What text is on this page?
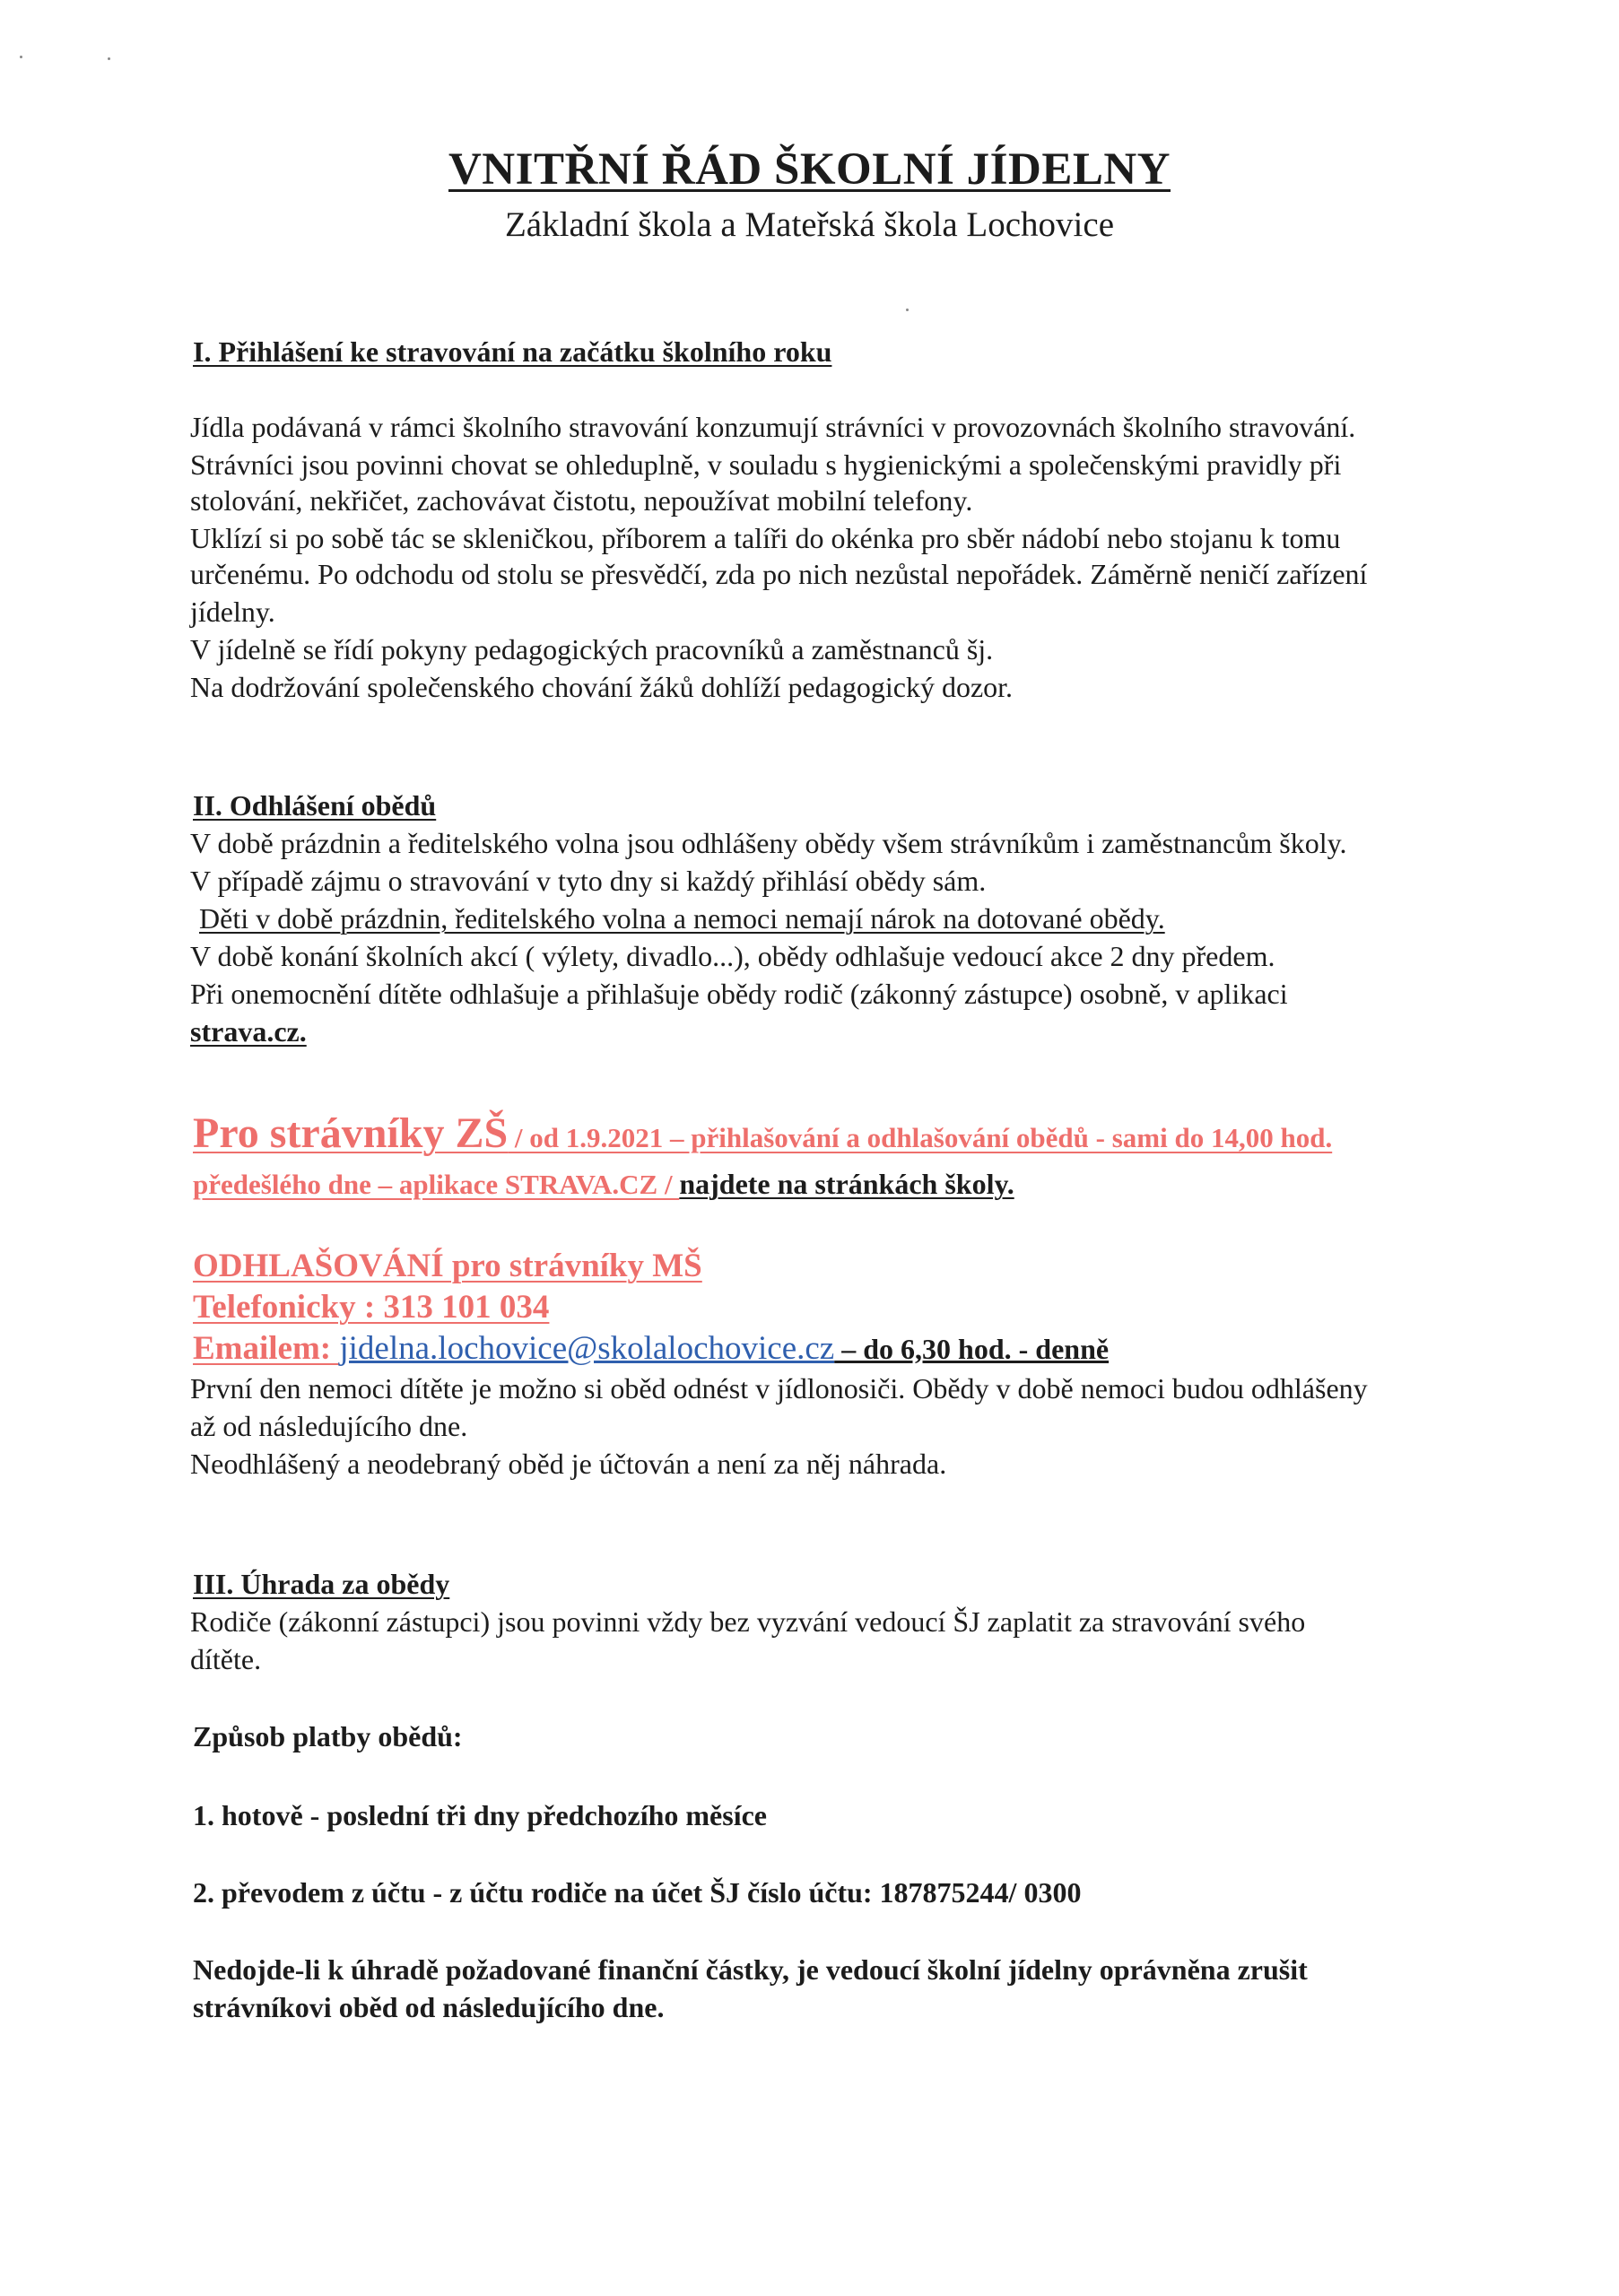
VNITŘNÍ ŘÁD ŠKOLNÍ JÍDELNY
Základní škola a Mateřská škola Lochovice
I. Přihlášení ke stravování na začátku školního roku
Jídla podávaná v rámci školního stravování konzumují strávníci v provozovnách školního stravování.
Strávníci jsou povinni chovat se ohleduplně, v souladu s hygienickými a společenskými pravidly při
stolování, nekřičet, zachovávat čistotu, nepoužívat mobilní telefony.
Uklízí si po sobě tác se skleničkou, příborem a talíři do okénka pro sběr nádobí nebo stojanu k tomu
určenému. Po odchodu od stolu se přesvědčí, zda po nich nezůstal nepořádek. Záměrně neničí zařízení
jídelny.
V jídelně se řídí pokyny pedagogických pracovníků a zaměstnanců šj.
Na dodržování společenského chování žáků dohlíží pedagogický dozor.
II. Odhlášení obědů
V době prázdnin a ředitelského volna jsou odhlášeny obědy všem strávníkům i zaměstnancům školy.
V případě zájmu o stravování v tyto dny si každý přihlásí obědy sám.
Děti v době prázdnin, ředitelského volna a nemoci nemají nárok na dotované obědy.
V době konání školních akcí ( výlety, divadlo...), obědy odhlašuje vedoucí akce 2 dny předem.
Při onemocnění dítěte odhlašuje a přihlašuje obědy rodič (zákonný zástupce) osobně, v aplikaci
strava.cz.
Pro strávníky ZŠ / od 1.9.2021 – přihlašování a odhlašování obědů - sami do 14,00 hod.
předešlého dne – aplikace STRAVA.CZ / najdete na stránkách školy.
ODHLAŠOVÁNÍ pro strávníky MŠ
Telefonicky : 313 101 034
Emailem: jidelna.lochovice@skolalochovice.cz – do 6,30 hod. - denně
První den nemoci dítěte je možno si oběd odnést v jídlonosiči. Obědy v době nemoci budou odhlášeny
až od následujícího dne.
Neodhlášený a neodebraný oběd je účtován a není za něj náhrada.
III. Úhrada za obědy
Rodiče (zákonní zástupci) jsou povinni vždy bez vyzvání vedoucí ŠJ zaplatit za stravování svého
dítěte.
Způsob platby obědů:
1. hotově - poslední tři dny předchozího měsíce
2. převodem z účtu - z účtu rodiče na účet ŠJ číslo účtu: 187875244/ 0300
Nedojde-li k úhradě požadované finanční částky, je vedoucí školní jídelny oprávněna zrušit
strávníkovi oběd od následujícího dne.
